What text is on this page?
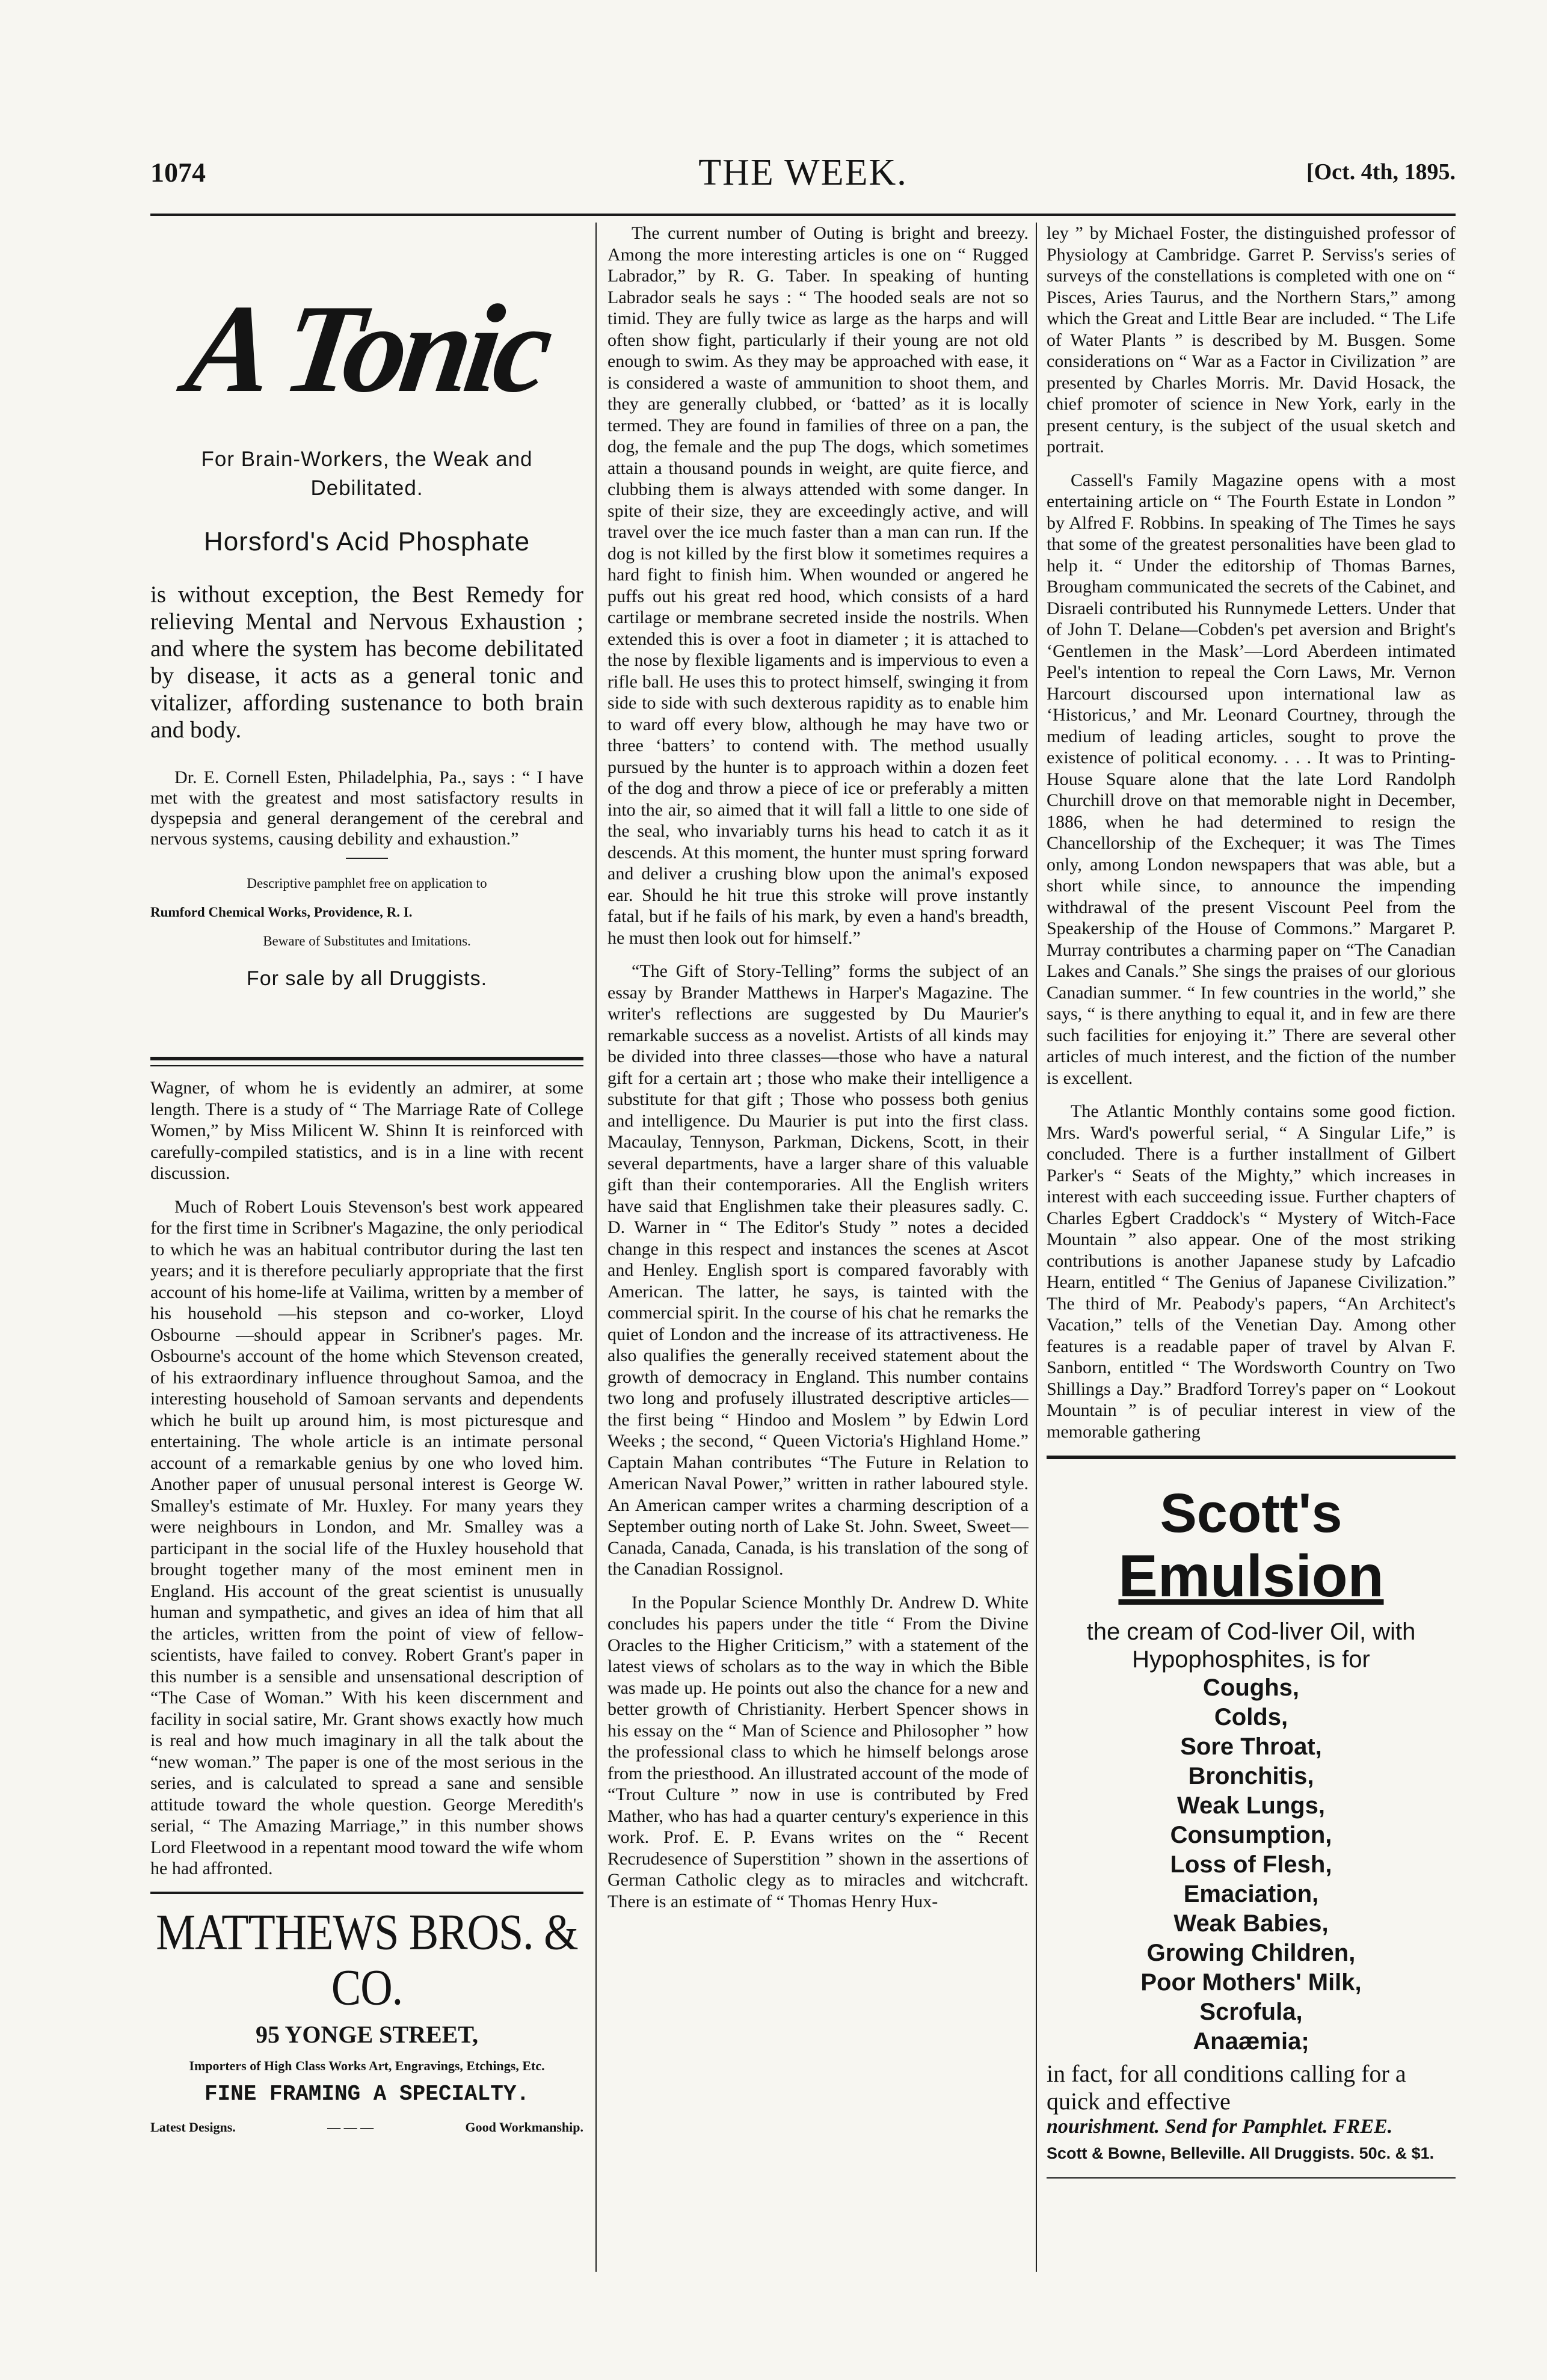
1074	THE WEEK.	[Oct. 4th, 1895.
A Tonic
For Brain-Workers, the Weak and Debilitated.
Horsford's Acid Phosphate
is without exception, the Best Remedy for relieving Mental and Nervous Exhaustion ; and where the system has become debilitated by disease, it acts as a general tonic and vitalizer, affording sustenance to both brain and body.
Dr. E. Cornell Esten, Philadelphia, Pa., says : “ I have met with the greatest and most satisfactory results in dyspepsia and general derangement of the cerebral and nervous systems, causing debility and exhaustion.”
Descriptive pamphlet free on application to
Rumford Chemical Works, Providence, R. I.
Beware of Substitutes and Imitations.
For sale by all Druggists.

Wagner, of whom he is evidently an admirer, at some length. There is a study of “ The Marriage Rate of College Women,” by Miss Milicent W. Shinn It is reinforced with carefully-compiled statistics, and is in a line with recent discussion.

Much of Robert Louis Stevenson's best work appeared for the first time in Scribner's Magazine, the only periodical to which he was an habitual contributor during the last ten years; and it is therefore peculiarly appropriate that the first account of his home-life at Vailima, written by a member of his household —his stepson and co-worker, Lloyd Osbourne —should appear in Scribner's pages. Mr. Osbourne's account of the home which Stevenson created, of his extraordinary influence throughout Samoa, and the interesting household of Samoan servants and dependents which he built up around him, is most picturesque and entertaining. The whole article is an intimate personal account of a remarkable genius by one who loved him. Another paper of unusual personal interest is George W. Smalley's estimate of Mr. Huxley. For many years they were neighbours in London, and Mr. Smalley was a participant in the social life of the Huxley household that brought together many of the most eminent men in England. His account of the great scientist is unusually human and sympathetic, and gives an idea of him that all the articles, written from the point of view of fellow-scientists, have failed to convey. Robert Grant's paper in this number is a sensible and unsensational description of “The Case of Woman.” With his keen discernment and facility in social satire, Mr. Grant shows exactly how much is real and how much imaginary in all the talk about the “new woman.” The paper is one of the most serious in the series, and is calculated to spread a sane and sensible attitude toward the whole question. George Meredith's serial, “ The Amazing Marriage,” in this number shows Lord Fleetwood in a repentant mood toward the wife whom he had affronted.

MATTHEWS BROS. & CO.
95 YONGE STREET,
Importers of High Class Works Art, Engravings, Etchings, Etc.
FINE FRAMING A SPECIALTY.
Latest Designs.	— — —	Good Workmanship.

The current number of Outing is bright and breezy. Among the more interesting articles is one on “ Rugged Labrador,” by R. G. Taber. In speaking of hunting Labrador seals he says : “ The hooded seals are not so timid. They are fully twice as large as the harps and will often show fight, particularly if their young are not old enough to swim. As they may be approached with ease, it is considered a waste of ammunition to shoot them, and they are generally clubbed, or ‘batted’ as it is locally termed. They are found in families of three on a pan, the dog, the female and the pup The dogs, which sometimes attain a thousand pounds in weight, are quite fierce, and clubbing them is always attended with some danger. In spite of their size, they are exceedingly active, and will travel over the ice much faster than a man can run. If the dog is not killed by the first blow it sometimes requires a hard fight to finish him. When wounded or angered he puffs out his great red hood, which consists of a hard cartilage or membrane secreted inside the nostrils. When extended this is over a foot in diameter ; it is attached to the nose by flexible ligaments and is impervious to even a rifle ball. He uses this to protect himself, swinging it from side to side with such dexterous rapidity as to enable him to ward off every blow, although he may have two or three ‘batters’ to contend with. The method usually pursued by the hunter is to approach within a dozen feet of the dog and throw a piece of ice or preferably a mitten into the air, so aimed that it will fall a little to one side of the seal, who invariably turns his head to catch it as it descends. At this moment, the hunter must spring forward and deliver a crushing blow upon the animal's exposed ear. Should he hit true this stroke will prove instantly fatal, but if he fails of his mark, by even a hand's breadth, he must then look out for himself.”

“The Gift of Story-Telling” forms the subject of an essay by Brander Matthews in Harper's Magazine. The writer's reflections are suggested by Du Maurier's remarkable success as a novelist. Artists of all kinds may be divided into three classes—those who have a natural gift for a certain art ; those who make their intelligence a substitute for that gift ; Those who possess both genius and intelligence. Du Maurier is put into the first class. Macaulay, Tennyson, Parkman, Dickens, Scott, in their several departments, have a larger share of this valuable gift than their contemporaries. All the English writers have said that Englishmen take their pleasures sadly. C. D. Warner in “ The Editor's Study ” notes a decided change in this respect and instances the scenes at Ascot and Henley. English sport is compared favorably with American. The latter, he says, is tainted with the commercial spirit. In the course of his chat he remarks the quiet of London and the increase of its attractiveness. He also qualifies the generally received statement about the growth of democracy in England. This number contains two long and profusely illustrated descriptive articles—the first being “ Hindoo and Moslem ” by Edwin Lord Weeks ; the second, “ Queen Victoria's Highland Home.” Captain Mahan contributes “The Future in Relation to American Naval Power,” written in rather laboured style. An American camper writes a charming description of a September outing north of Lake St. John. Sweet, Sweet—Canada, Canada, Canada, is his translation of the song of the Canadian Rossignol.

In the Popular Science Monthly Dr. Andrew D. White concludes his papers under the title “ From the Divine Oracles to the Higher Criticism,” with a statement of the latest views of scholars as to the way in which the Bible was made up. He points out also the chance for a new and better growth of Christianity. Herbert Spencer shows in his essay on the “ Man of Science and Philosopher ” how the professional class to which he himself belongs arose from the priesthood. An illustrated account of the mode of “Trout Culture ” now in use is contributed by Fred Mather, who has had a quarter century's experience in this work. Prof. E. P. Evans writes on the “ Recent Recrudesence of Superstition ” shown in the assertions of German Catholic clegy as to miracles and witchcraft. There is an estimate of “ Thomas Henry Hux-

ley ” by Michael Foster, the distinguished professor of Physiology at Cambridge. Garret P. Serviss's series of surveys of the constellations is completed with one on “ Pisces, Aries Taurus, and the Northern Stars,” among which the Great and Little Bear are included. “ The Life of Water Plants ” is described by M. Busgen. Some considerations on “ War as a Factor in Civilization ” are presented by Charles Morris. Mr. David Hosack, the chief promoter of science in New York, early in the present century, is the subject of the usual sketch and portrait.

Cassell's Family Magazine opens with a most entertaining article on “ The Fourth Estate in London ” by Alfred F. Robbins. In speaking of The Times he says that some of the greatest personalities have been glad to help it. “ Under the editorship of Thomas Barnes, Brougham communicated the secrets of the Cabinet, and Disraeli contributed his Runnymede Letters. Under that of John T. Delane—Cobden's pet aversion and Bright's ‘Gentlemen in the Mask’—Lord Aberdeen intimated Peel's intention to repeal the Corn Laws, Mr. Vernon Harcourt discoursed upon international law as ‘Historicus,’ and Mr. Leonard Courtney, through the medium of leading articles, sought to prove the existence of political economy. . . . It was to Printing-House Square alone that the late Lord Randolph Churchill drove on that memorable night in December, 1886, when he had determined to resign the Chancellorship of the Exchequer; it was The Times only, among London newspapers that was able, but a short while since, to announce the impending withdrawal of the present Viscount Peel from the Speakership of the House of Commons.” Margaret P. Murray contributes a charming paper on “The Canadian Lakes and Canals.” She sings the praises of our glorious Canadian summer. “ In few countries in the world,” she says, “ is there anything to equal it, and in few are there such facilities for enjoying it.” There are several other articles of much interest, and the fiction of the number is excellent.

The Atlantic Monthly contains some good fiction. Mrs. Ward's powerful serial, “ A Singular Life,” is concluded. There is a further installment of Gilbert Parker's “ Seats of the Mighty,” which increases in interest with each succeeding issue. Further chapters of Charles Egbert Craddock's “ Mystery of Witch-Face Mountain ” also appear. One of the most striking contributions is another Japanese study by Lafcadio Hearn, entitled “ The Genius of Japanese Civilization.” The third of Mr. Peabody's papers, “An Architect's Vacation,” tells of the Venetian Day. Among other features is a readable paper of travel by Alvan F. Sanborn, entitled “ The Wordsworth Country on Two Shillings a Day.” Bradford Torrey's paper on “ Lookout Mountain ” is of peculiar interest in view of the memorable gathering

Scott's
Emulsion
the cream of Cod-liver Oil, with Hypophosphites, is for
Coughs,
Colds,
Sore Throat,
Bronchitis,
Weak Lungs,
Consumption,
Loss of Flesh,
Emaciation,
Weak Babies,
Growing Children,
Poor Mothers' Milk,
Scrofula,
Anaæmia;
in fact, for all conditions calling for a quick and effective
nourishment. Send for Pamphlet. FREE.
Scott & Bowne, Belleville. All Druggists. 50c. & $1.
